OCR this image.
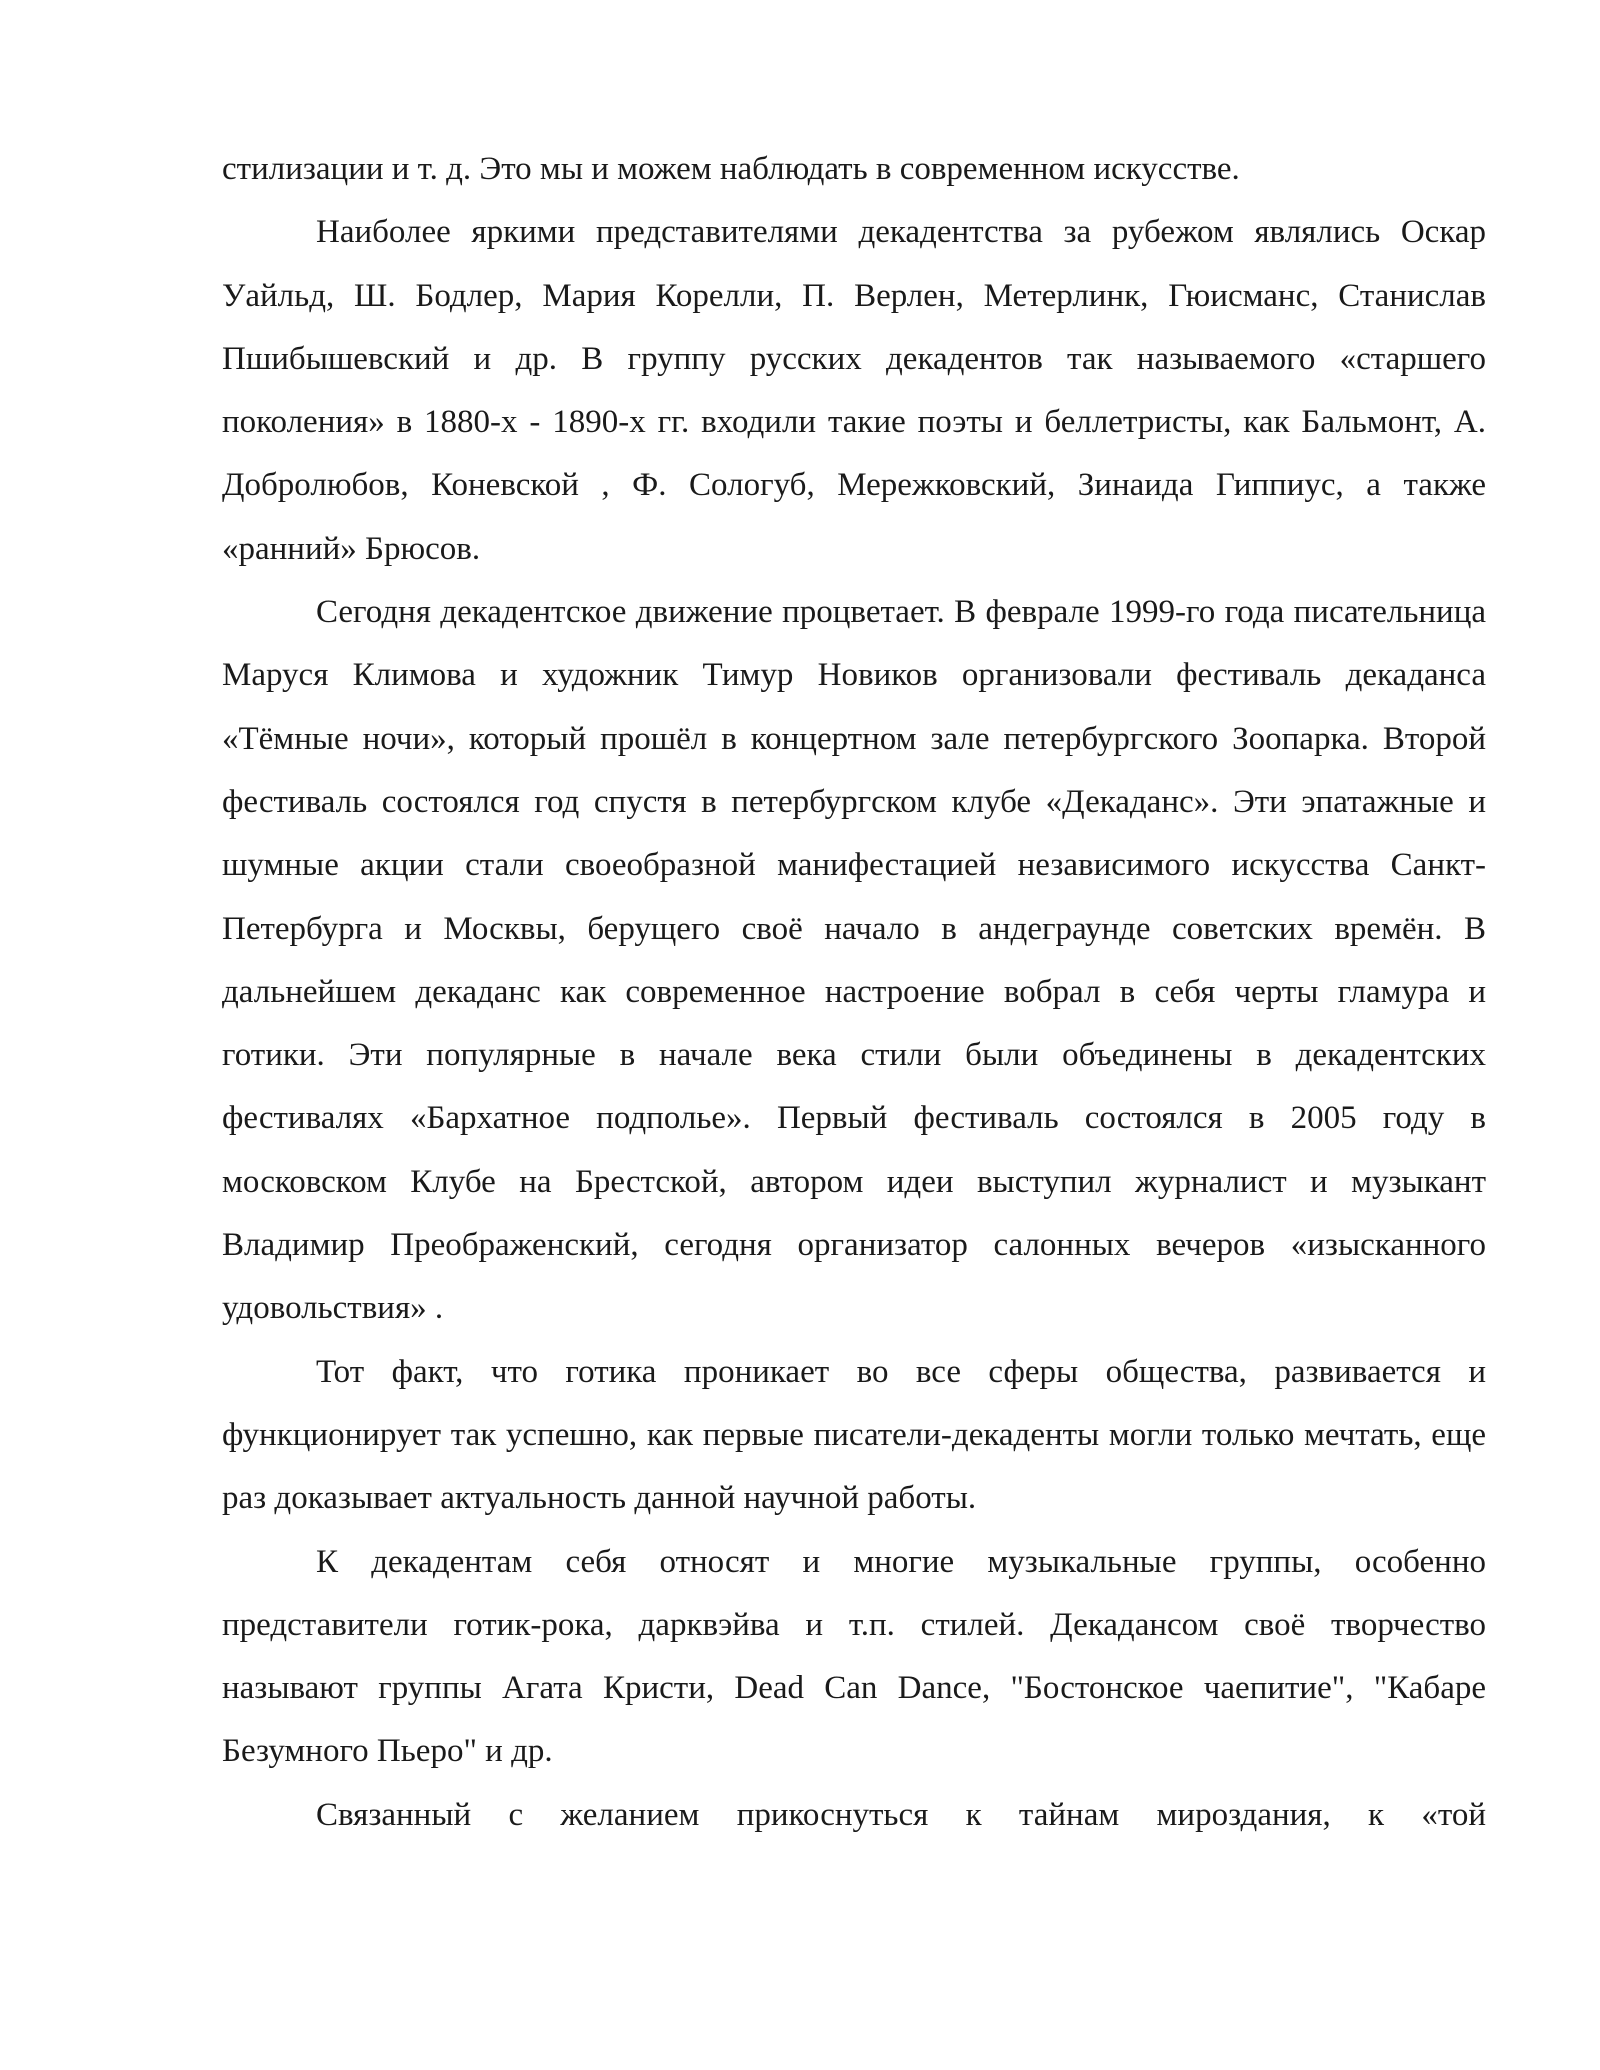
стилизации и т. д. Это мы и можем наблюдать в современном искусстве.

Наиболее яркими представителями декадентства за рубежом являлись Оскар Уайльд, Ш. Бодлер, Мария Корелли, П. Верлен, Метерлинк, Гюисманс, Станислав Пшибышевский и др. В группу русских декадентов так называемого «старшего поколения» в 1880-х - 1890-х гг. входили такие поэты и беллетристы, как Бальмонт, А. Добролюбов, Коневской , Ф. Сологуб, Мережковский, Зинаида Гиппиус, а также «ранний» Брюсов.

Сегодня декадентское движение процветает. В феврале 1999-го года писательница Маруся Климова и художник Тимур Новиков организовали фестиваль декаданса «Тёмные ночи», который прошёл в концертном зале петербургского Зоопарка. Второй фестиваль состоялся год спустя в петербургском клубе «Декаданс». Эти эпатажные и шумные акции стали своеобразной манифестацией независимого искусства Санкт-Петербурга и Москвы, берущего своё начало в андеграунде советских времён. В дальнейшем декаданс как современное настроение вобрал в себя черты гламура и готики. Эти популярные в начале века стили были объединены в декадентских фестивалях «Бархатное подполье». Первый фестиваль состоялся в 2005 году в московском Клубе на Брестской, автором идеи выступил журналист и музыкант Владимир Преображенский, сегодня организатор салонных вечеров «изысканного удовольствия» .

Тот факт, что готика проникает во все сферы общества, развивается и функционирует так успешно, как первые писатели-декаденты могли только мечтать, еще раз доказывает актуальность данной научной работы.

К декадентам себя относят и многие музыкальные группы, особенно представители готик-рока, дарквэйва и т.п. стилей. Декадансом своё творчество называют группы Агата Кристи, Dead Can Dance, "Бостонское чаепитие", "Кабаре Безумного Пьеро" и др.

Связанный с желанием прикоснуться к тайнам мироздания, к «той
